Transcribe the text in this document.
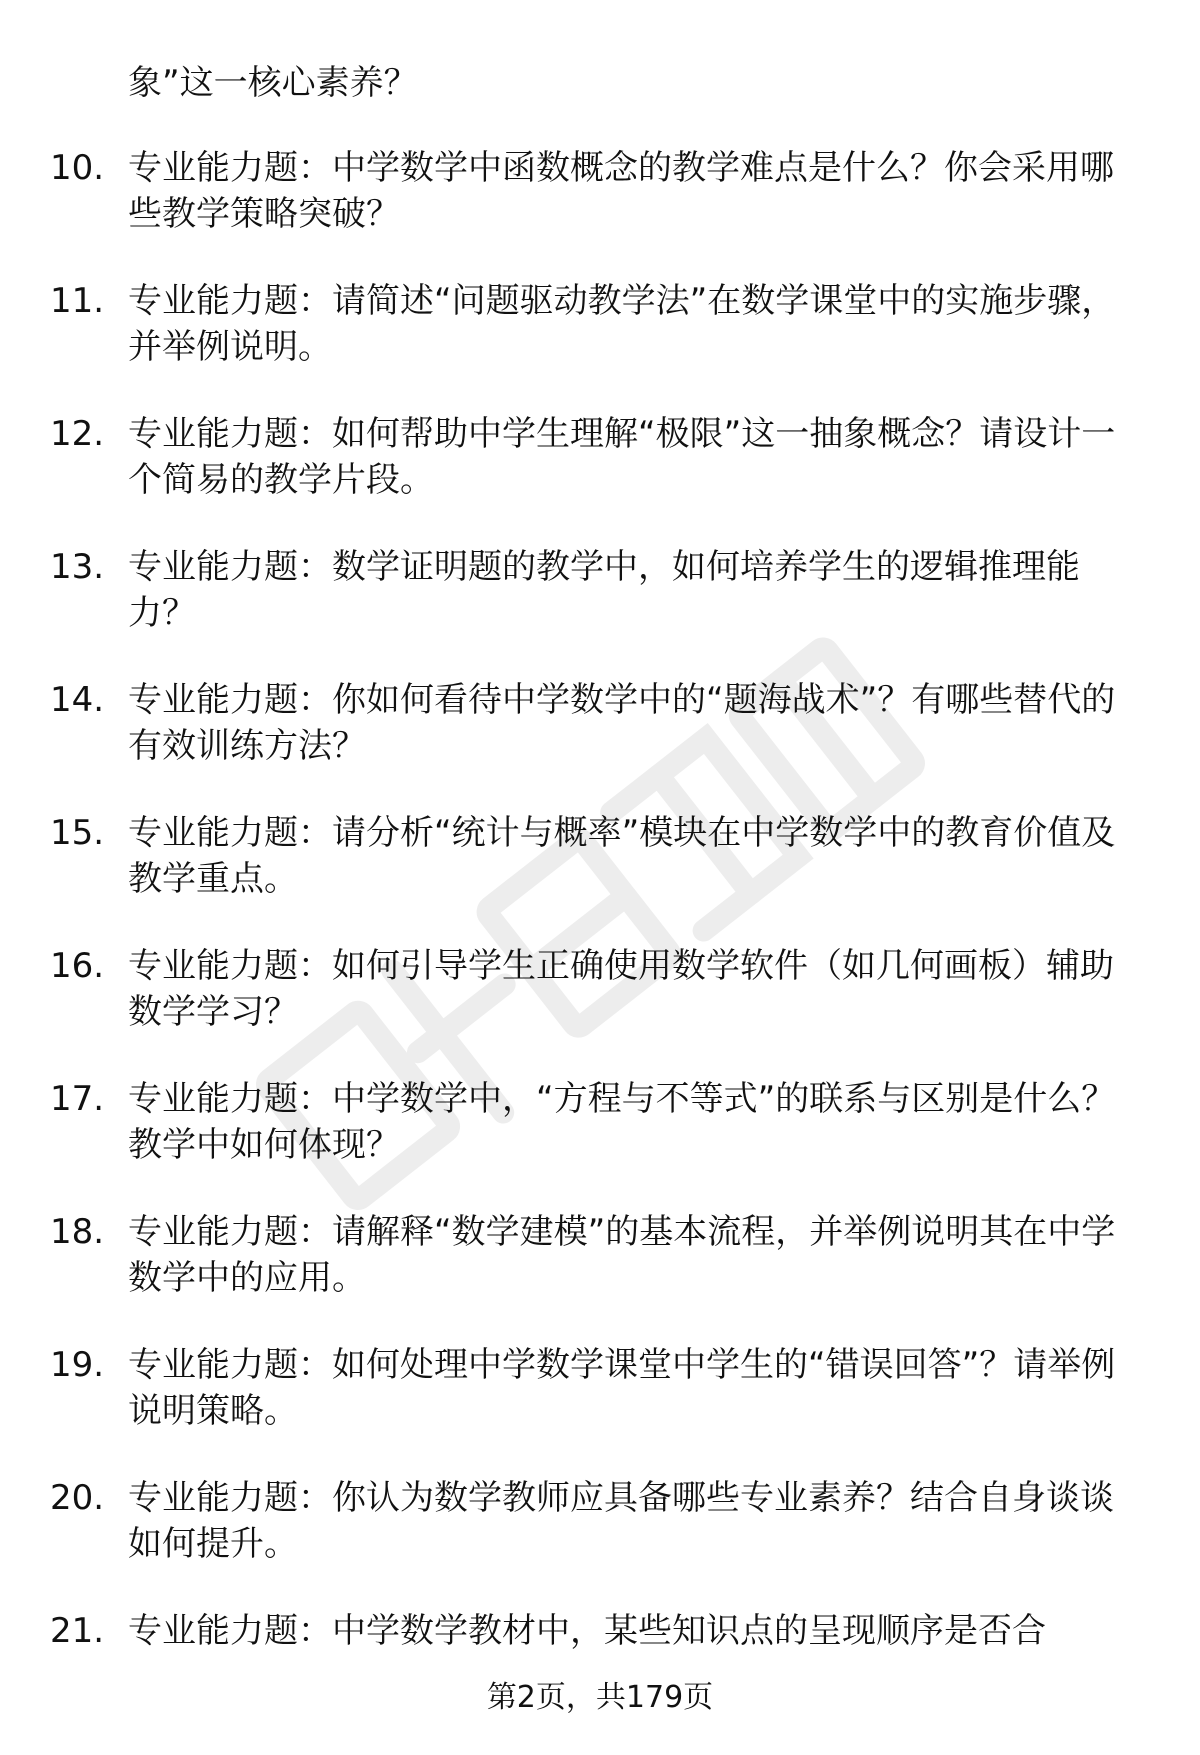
象”这一核心素养？
10. 专业能力题：中学数学中函数概念的教学难点是什么？你会采用哪些教学策略突破？
11. 专业能力题：请简述“问题驱动教学法”在数学课堂中的实施步骤，并举例说明。
12. 专业能力题：如何帮助中学生理解“极限”这一抽象概念？请设计一个简易的教学片段。
13. 专业能力题：数学证明题的教学中，如何培养学生的逻辑推理能力？
14. 专业能力题：你如何看待中学数学中的“题海战术”？有哪些替代的有效训练方法？
15. 专业能力题：请分析“统计与概率”模块在中学数学中的教育价值及教学重点。
16. 专业能力题：如何引导学生正确使用数学软件（如几何画板）辅助数学学习？
17. 专业能力题：中学数学中，“方程与不等式”的联系与区别是什么？教学中如何体现？
18. 专业能力题：请解释“数学建模”的基本流程，并举例说明其在中学数学中的应用。
19. 专业能力题：如何处理中学数学课堂中学生的“错误回答”？请举例说明策略。
20. 专业能力题：你认为数学教师应具备哪些专业素养？结合自身谈谈如何提升。
21. 专业能力题：中学数学教材中，某些知识点的呈现顺序是否合
第2页，共179页
